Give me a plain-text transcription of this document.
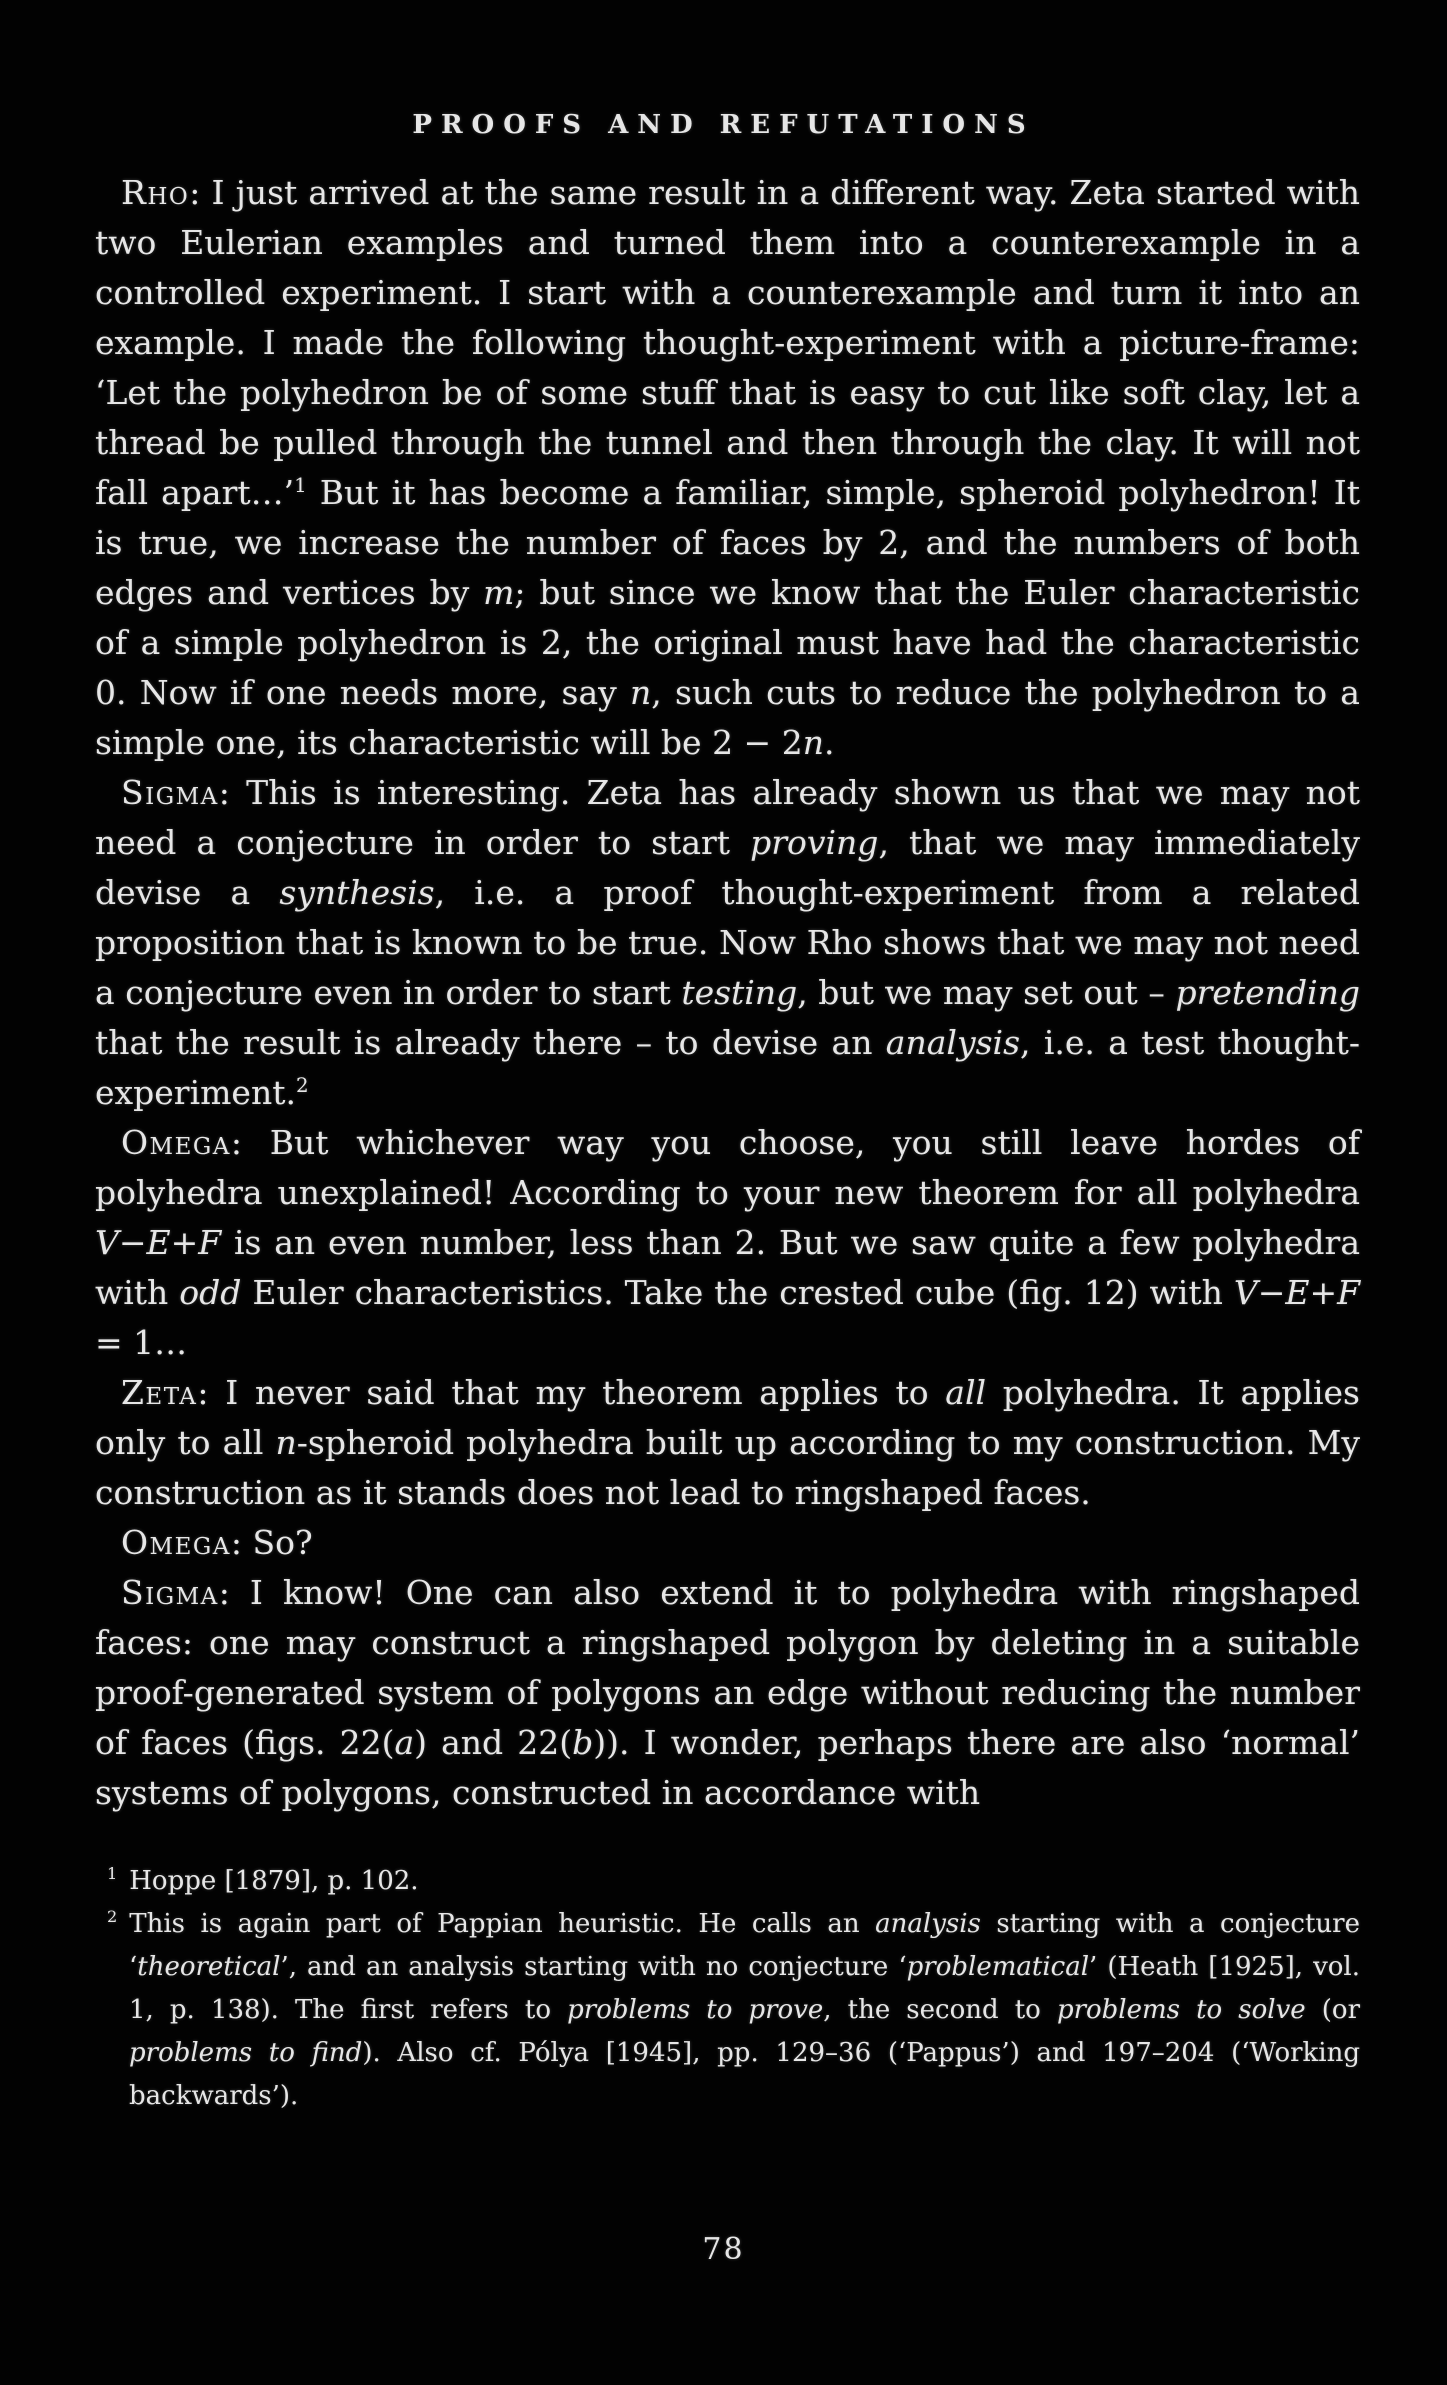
PROOFS AND REFUTATIONS

Rho: I just arrived at the same result in a different way. Zeta started with two Eulerian examples and turned them into a counterexample in a controlled experiment. I start with a counterexample and turn it into an example. I made the following thought-experiment with a picture-frame: ‘Let the polyhedron be of some stuff that is easy to cut like soft clay, let a thread be pulled through the tunnel and then through the clay. It will not fall apart…’$^1$ But it has become a familiar, simple, spheroid polyhedron! It is true, we increase the number of faces by 2, and the numbers of both edges and vertices by m; but since we know that the Euler characteristic of a simple polyhedron is 2, the original must have had the characteristic 0. Now if one needs more, say n, such cuts to reduce the polyhedron to a simple one, its characteristic will be 2 − 2n.

Sigma: This is interesting. Zeta has already shown us that we may not need a conjecture in order to start proving, that we may immediately devise a synthesis, i.e. a proof thought-experiment from a related proposition that is known to be true. Now Rho shows that we may not need a conjecture even in order to start testing, but we may set out – pretending that the result is already there – to devise an analysis, i.e. a test thought-experiment.$^2$

Omega: But whichever way you choose, you still leave hordes of polyhedra unexplained! According to your new theorem for all polyhedra V−E+F is an even number, less than 2. But we saw quite a few polyhedra with odd Euler characteristics. Take the crested cube (fig. 12) with V−E+F = 1…

Zeta: I never said that my theorem applies to all polyhedra. It applies only to all n-spheroid polyhedra built up according to my construction. My construction as it stands does not lead to ringshaped faces.

Omega: So?

Sigma: I know! One can also extend it to polyhedra with ringshaped faces: one may construct a ringshaped polygon by deleting in a suitable proof-generated system of polygons an edge without reducing the number of faces (figs. 22(a) and 22(b)). I wonder, perhaps there are also ‘normal’ systems of polygons, constructed in accordance with

1 Hoppe [1879], p. 102.

2 This is again part of Pappian heuristic. He calls an analysis starting with a conjecture ‘theoretical’, and an analysis starting with no conjecture ‘problematical’ (Heath [1925], vol. 1, p. 138). The first refers to problems to prove, the second to problems to solve (or problems to find). Also cf. Pólya [1945], pp. 129–36 (‘Pappus’) and 197–204 (‘Working backwards’).

78
